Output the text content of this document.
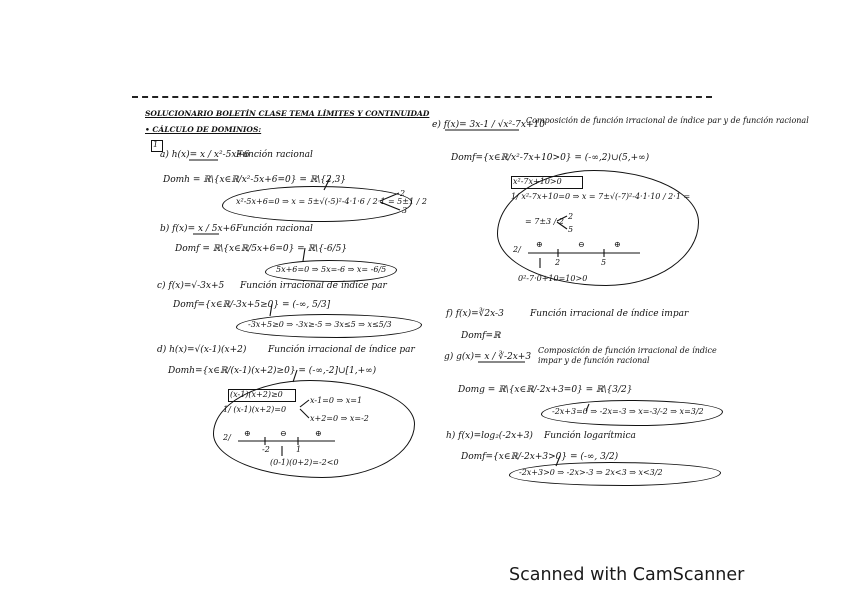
SOLUCIONARIO BOLETÍN CLASE TEMA LÍMITES Y CONTINUIDAD
• CÁLCULO DE DOMINIOS:
1
a) h(x)= x / x²-5x+6
Función racional
Domh = ℝ\{x∈ℝ/x²-5x+6=0} = ℝ\{2,3}
x²-5x+6=0 ⇒ x = 5±√(-5)²-4·1·6 / 2·1 = 5±1 / 2
2
3
b) f(x)= x / 5x+6 Función racional
Domf = ℝ\{x∈ℝ/5x+6=0} = ℝ\{-6/5}
5x+6=0 ⇒ 5x=-6 ⇒ x= -6/5
c) f(x)=√-3x+5 Función irracional de índice par
Domf={x∈ℝ/-3x+5≥0} = (-∞, 5/3]
-3x+5≥0 ⇒ -3x≥-5 ⇒ 3x≤5 ⇒ x≤5/3
d) h(x)=√(x-1)(x+2) Función irracional de índice par
Domh={x∈ℝ/(x-1)(x+2)≥0} = (-∞,-2]∪[1,+∞)
(x-1)(x+2)≥0
1/ (x-1)(x+2)=0
x-1=0 ⇒ x=1
x+2=0 ⇒ x=-2
2/ ⊕	⊖	⊕
-2	1
(0-1)(0+2)=-2<0
e) f(x)= 3x-1 / √x²-7x+10
Composición de función irracional de índice par y de función racional
Domf={x∈ℝ/x²-7x+10>0} = (-∞,2)∪(5,+∞)
x²-7x+10>0
1/ x²-7x+10=0 ⇒ x = 7±√(-7)²-4·1·10 / 2·1 =
= 7±3 / 2
2
5
2/
⊕	⊖	⊕
2	5
0²-7·0+10=10>0
f) f(x)=∛2x-3	Función irracional de índice impar
Domf=ℝ
g) g(x)= x / ∛-2x+3
Composición de función irracional de índice impar y de función racional
Domg = ℝ\{x∈ℝ/-2x+3=0} = ℝ\{3/2}
-2x+3=0 ⇒ -2x=-3 ⇒ x=-3/-2 ⇒ x=3/2
h) f(x)=log₂(-2x+3) Función logarítmica
Domf={x∈ℝ/-2x+3>0} = (-∞, 3/2)
-2x+3>0 ⇒ -2x>-3 ⇒ 2x<3 ⇒ x<3/2
Scanned with CamScanner
